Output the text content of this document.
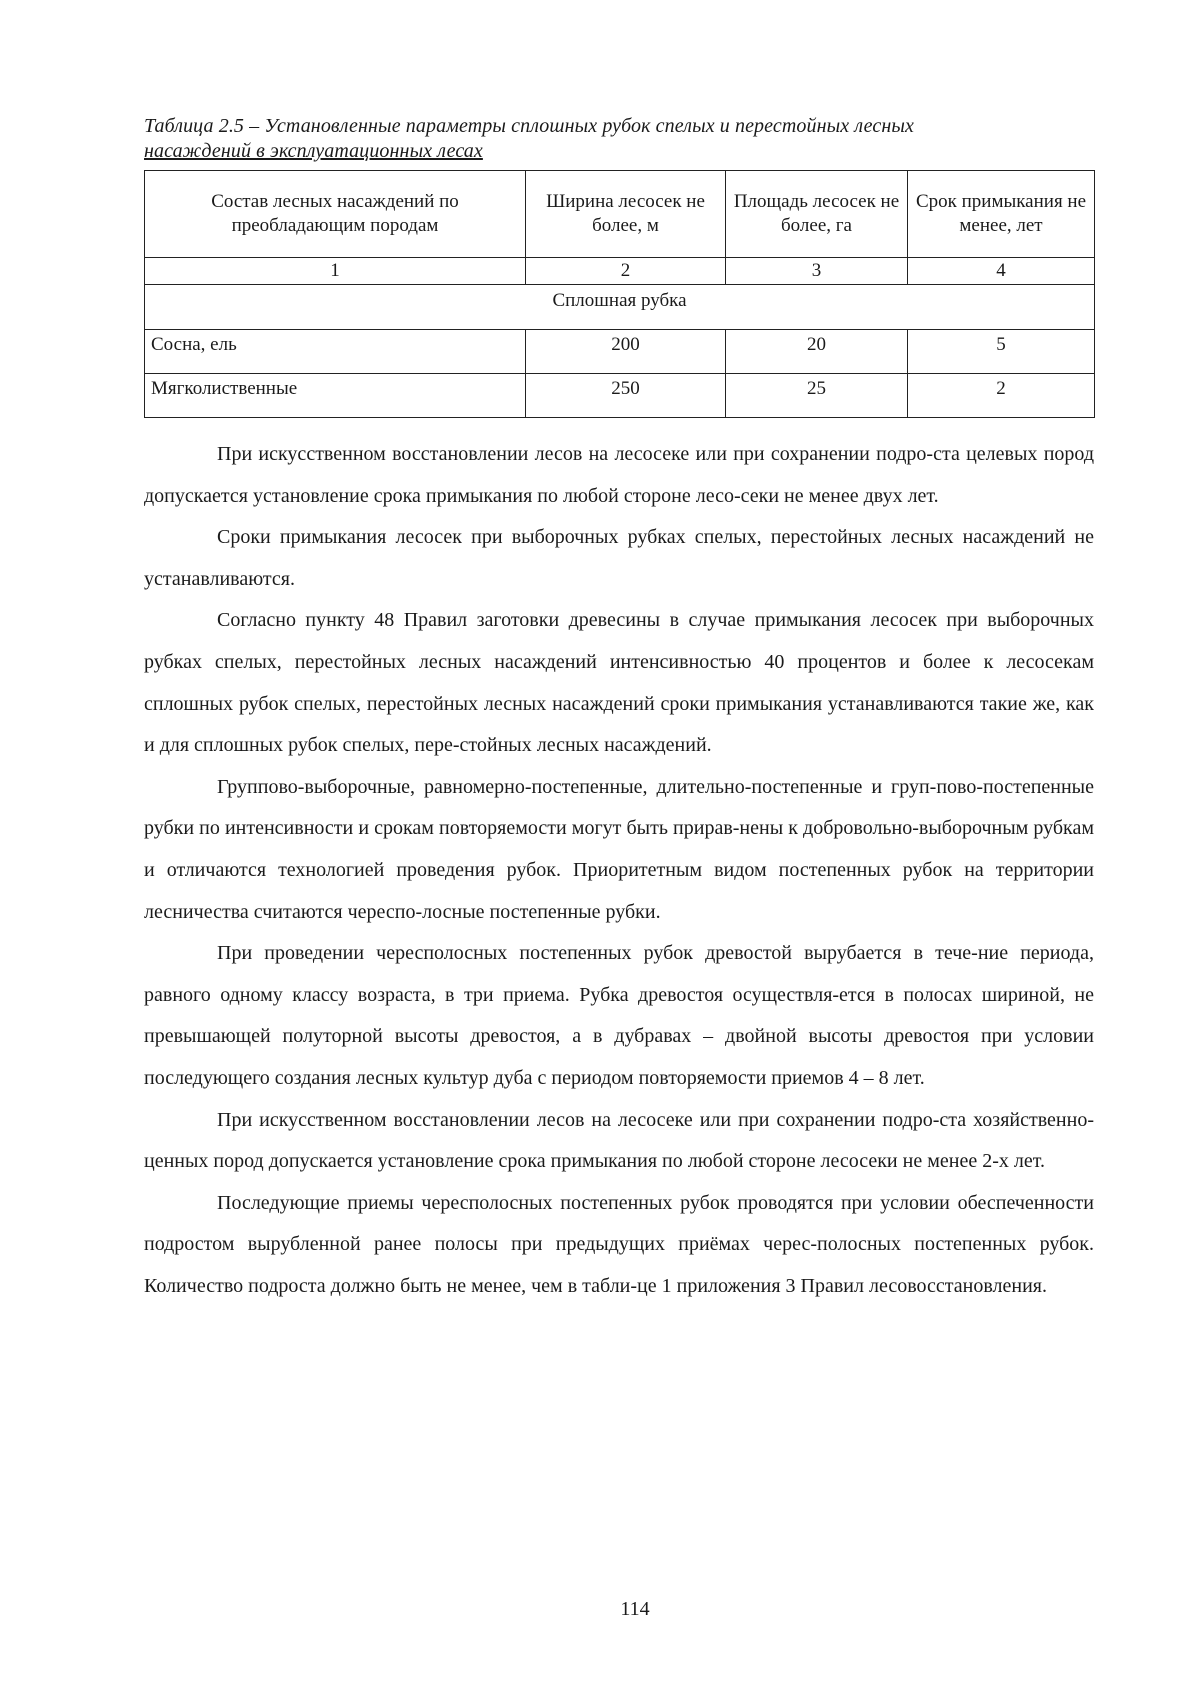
Таблица 2.5 – Установленные параметры сплошных рубок спелых и перестойных лесных
насаждений в эксплуатационных лесах
Состав лесных насаждений по преобладающим породам	Ширина лесосек не более, м	Площадь лесосек не более, га	Срок примыкания не менее, лет
1	2	3	4
Сплошная рубка			
Сосна, ель	200	20	5
Мягколиственные	250	25	2

При искусственном восстановлении лесов на лесосеке или при сохранении подро-ста целевых пород допускается установление срока примыкания по любой стороне лесо-секи не менее двух лет.

Сроки примыкания лесосек при выборочных рубках спелых, перестойных лесных насаждений не устанавливаются.

Согласно пункту 48 Правил заготовки древесины в случае примыкания лесосек при выборочных рубках спелых, перестойных лесных насаждений интенсивностью 40 процентов и более к лесосекам сплошных рубок спелых, перестойных лесных насаждений сроки примыкания устанавливаются такие же, как и для сплошных рубок спелых, пере-стойных лесных насаждений.

Группово-выборочные, равномерно-постепенные, длительно-постепенные и груп-пово-постепенные рубки по интенсивности и срокам повторяемости могут быть прирав-нены к добровольно-выборочным рубкам и отличаются технологией проведения рубок. Приоритетным видом постепенных рубок на территории лесничества считаются череспо-лосные постепенные рубки.

При проведении чересполосных постепенных рубок древостой вырубается в тече-ние периода, равного одному классу возраста, в три приема. Рубка древостоя осуществля-ется в полосах шириной, не превышающей полуторной высоты древостоя, а в дубравах – двойной высоты древостоя при условии последующего создания лесных культур дуба с периодом повторяемости приемов 4 – 8 лет.

При искусственном восстановлении лесов на лесосеке или при сохранении подро-ста хозяйственно-ценных пород допускается установление срока примыкания по любой стороне лесосеки не менее 2-х лет.

Последующие приемы чересполосных постепенных рубок проводятся при условии обеспеченности подростом вырубленной ранее полосы при предыдущих приёмах черес-полосных постепенных рубок. Количество подроста должно быть не менее, чем в табли-це 1 приложения 3 Правил лесовосстановления.

114
